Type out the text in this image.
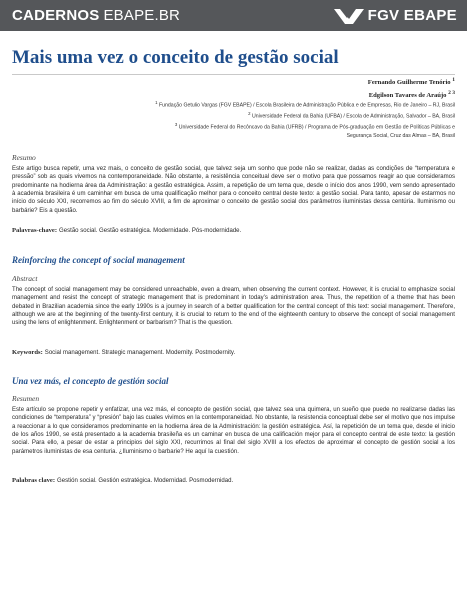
CADERNOS EBAPE.BR	FGV EBAPE
Mais uma vez o conceito de gestão social
Fernando Guilherme Tenório $^1$
Edgilson Tavares de Araújo $^{2 3}$
$^1$ Fundação Getulio Vargas (FGV EBAPE) / Escola Brasileira de Administração Pública e de Empresas, Rio de Janeiro – RJ, Brasil
$^2$ Universidade Federal da Bahia (UFBA) / Escola de Administração, Salvador – BA, Brasil
$^3$ Universidade Federal do Recôncavo da Bahia (UFRB) / Programa de Pós-graduação em Gestão de Políticas Públicas e
Segurança Social, Cruz das Almas – BA, Brasil
Resumo

Este artigo busca repetir, uma vez mais, o conceito de gestão social, que talvez seja um sonho que pode não se realizar, dadas as condições de “temperatura e pressão” sob as quais vivemos na contemporaneidade. Não obstante, a resistência conceitual deve ser o motivo para que possamos reagir ao que consideramos predominante na hodierna área da Administração: a gestão estratégica. Assim, a repetição de um tema que, desde o início dos anos 1990, vem sendo apresentado à academia brasileira é um caminhar em busca de uma qualificação melhor para o conceito central deste texto: a gestão social. Para tanto, apesar de estarmos no início do século XXI, recorremos ao fim do século XVIII, a fim de aproximar o conceito de gestão social dos parâmetros iluministas dessa centúria. Iluminismo ou barbárie? Eis a questão.

Palavras-chave: Gestão social. Gestão estratégica. Modernidade. Pós-modernidade.
Reinforcing the concept of social management
Abstract

The concept of social management may be considered unreachable, even a dream, when observing the current context. However, it is crucial to emphasize social management and resist the concept of strategic management that is predominant in today’s administration area. Thus, the repetition of a theme that has been debated in Brazilian academia since the early 1990s is a journey in search of a better qualification for the central concept of this text: social management. Therefore, although we are at the beginning of the twenty-first century, it is crucial to return to the end of the eighteenth century to observe the concept of social management using the lens of enlightenment. Enlightenment or barbarism? That is the question.

Keywords: Social management. Strategic management. Modernity. Postmodernity.
Una vez más, el concepto de gestión social
Resumen

Este artículo se propone repetir y enfatizar, una vez más, el concepto de gestión social, que talvez sea una quimera, un sueño que puede no realizarse dadas las condiciones de “temperatura” y “presión” bajo las cuales vivimos en la contemporaneidad. No obstante, la resistencia conceptual debe ser el motivo que nos impulse a reaccionar a lo que consideramos predominante en la hodierna área de la Administración: la gestión estratégica. Así, la repetición de un tema que, desde el inicio de los años 1990, se está presentado a la academia brasileña es un caminar en busca de una calificación mejor para el concepto central de este texto: la gestión social. Para ello, a pesar de estar a principios del siglo XXI, recurrimos al final del siglo XVIII a los efectos de aproximar el concepto de gestión social a los parámetros iluministas de esa centuria. ¿Iluminismo o barbarie? He aquí la cuestión.

Palabras clave: Gestión social. Gestión estratégica. Modernidad. Posmodernidad.
